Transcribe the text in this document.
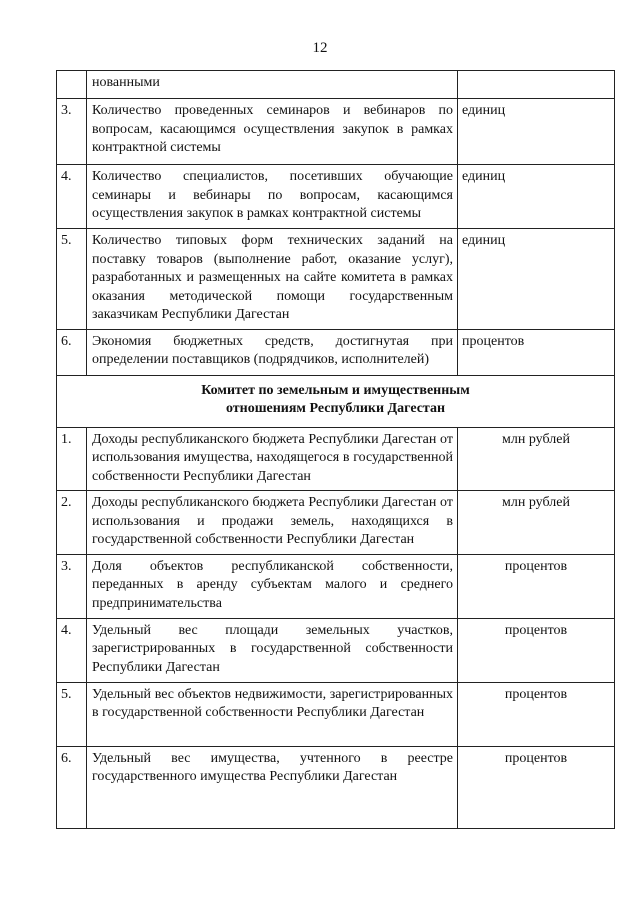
12
	нованными	
3.	Количество проведенных семинаров и вебинаров по вопросам, касающимся осуществления закупок в рамках контрактной системы	единиц
4.	Количество специалистов, посетивших обучающие семинары и вебинары по вопросам, касающимся осуществления закупок в рамках контрактной системы	единиц
5.	Количество типовых форм технических заданий на поставку товаров (выполнение работ, оказание услуг), разработанных и размещенных на сайте комитета в рамках оказания методической помощи государственным заказчикам Республики Дагестан	единиц
6.	Экономия бюджетных средств, достигнутая при определении поставщиков (подрядчиков, исполнителей)	процентов

Комитет по земельным и имущественным
отношениям Республики Дагестан		

1.	Доходы республиканского бюджета Республики Дагестан от использования имущества, находящегося в государственной собственности Республики Дагестан	млн рублей
2.	Доходы республиканского бюджета Республики Дагестан от использования и продажи земель, находящихся в государственной собственности Республики Дагестан	млн рублей
3.	Доля объектов республиканской собственности, переданных в аренду субъектам малого и среднего предпринимательства	процентов
4.	Удельный вес площади земельных участков, зарегистрированных в государственной собственности Республики Дагестан	процентов
5.	Удельный вес объектов недвижимости, зарегистрированных в государственной собственности Республики Дагестан	процентов
6.	Удельный вес имущества, учтенного в реестре государственного имущества Республики Дагестан	процентов
